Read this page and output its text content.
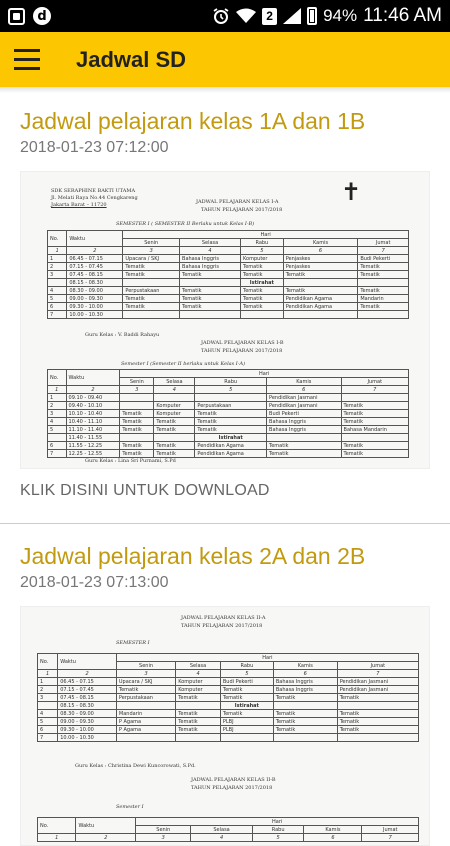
d	2	94% 11:46 AM
Jadwal SD
Jadwal pelajaran kelas 1A dan 1B
2018-01-23 07:12:00
SDK SERAPHINE BAKTI UTAMA
Jl. Melati Raya No.44 Cengkareng
Jakarta Barat – 11720	✝
JADWAL PELAJARAN KELAS I-A
TAHUN PELAJARAN 2017/2018
SEMESTER I ( SEMESTER II Berlaku untuk Kelas I-B)
No.	Waktu	Hari				
		Senin	Selasa	Rabu	Kamis	Jumat
1	2	3	4	5	6	7
1	06.45 - 07.15	Upacara / SKJ	Bahasa Inggris	Komputer	Penjaskes	Budi Pekerti
2	07.15 - 07.45	Tematik	Bahasa Inggris	Tematik	Penjaskes	Tematik
3	07.45 - 08.15	Tematik	Tematik	Tematik	Tematik	Tematik
	08.15 - 08.30			Istirahat		
4	08.30 - 09.00	Perpustakaan	Tematik	Tematik	Tematik	Tematik
5	09.00 - 09.30	Tematik	Tematik	Tematik	Pendidikan Agama	Mandarin
6	09.30 - 10.00	Tematik	Tematik	Tematik	Pendidikan Agama	Tematik
7	10.00 - 10.30					
Guru Kelas : V. Baddi Rahayu
JADWAL PELAJARAN KELAS I-B
TAHUN PELAJARAN 2017/2018
Semester I (Semester II berlaku untuk Kelas I-A)
No.	Waktu	Hari				
		Senin	Selasa	Rabu	Kamis	Jumat
1	2	3	4	5	6	7
1	09.10 - 09.40				Pendidikan Jasmani	
2	09.40 - 10.10		Komputer	Perpustakaan	Pendidikan Jasmani	Tematik
3	10.10 - 10.40	Tematik	Komputer	Tematik	Budi Pekerti	Tematik
4	10.40 - 11.10	Tematik	Tematik	Tematik	Bahasa Inggris	Tematik
5	11.10 - 11.40	Tematik	Tematik	Tematik	Bahasa Inggris	Bahasa Mandarin
	11.40 - 11.55			Istirahat		
6	11.55 - 12.25	Tematik	Tematik	Pendidikan Agama	Tematik	Tematik
7	12.25 - 12.55	Tematik	Tematik	Pendidikan Agama	Tematik	Tematik
Guru Kelas : Lina Sri Purnami, S.Pd
KLIK DISINI UNTUK DOWNLOAD
Jadwal pelajaran kelas 2A dan 2B
2018-01-23 07:13:00
JADWAL PELAJARAN KELAS II-A
TAHUN PELAJARAN 2017/2018
SEMESTER I
No.	Waktu	Hari				
		Senin	Selasa	Rabu	Kamis	Jumat
1	2	3	4	5	6	7
1	06.45 - 07.15	Upacara / SKJ	Komputer	Budi Pekerti	Bahasa Inggris	Pendidikan Jasmani
2	07.15 - 07.45	Tematik	Komputer	Tematik	Bahasa Inggris	Pendidikan Jasmani
3	07.45 - 08.15	Perpustakaan	Tematik	Tematik	Tematik	Tematik
	08.15 - 08.30			Istirahat		
4	08.30 - 09.00	Mandarin	Tematik	Tematik	Tematik	Tematik
5	09.00 - 09.30	P Agama	Tematik	PLBJ	Tematik	Tematik
6	09.30 - 10.00	P Agama	Tematik	PLBJ	Tematik	Tematik
7	10.00 - 10.30					
Guru Kelas : Christina Dewi Kuncorowati, S.Pd.
JADWAL PELAJARAN KELAS II-B
TAHUN PELAJARAN 2017/2018
Semester I
No.	Waktu	Hari				
		Senin	Selasa	Rabu	Kamis	Jumat
1	2	3	4	5	6	7
